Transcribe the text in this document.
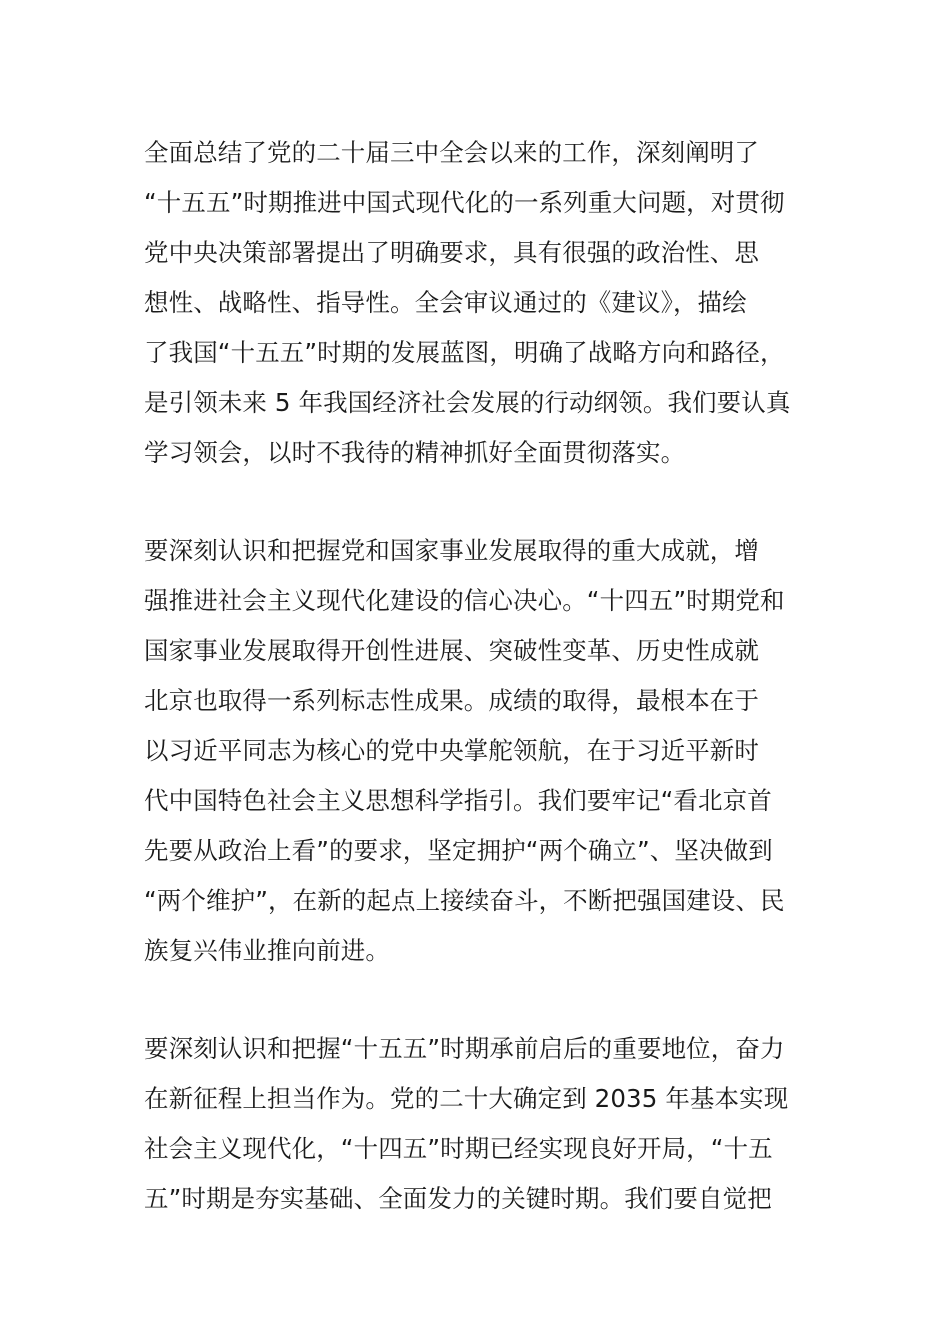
全面总结了党的二十届三中全会以来的工作，深刻阐明了
“十五五”时期推进中国式现代化的一系列重大问题，对贯彻
党中央决策部署提出了明确要求，具有很强的政治性、思
想性、战略性、指导性。全会审议通过的《建议》，描绘
了我国“十五五”时期的发展蓝图，明确了战略方向和路径，
是引领未来 5 年我国经济社会发展的行动纲领。我们要认真
学习领会，以时不我待的精神抓好全面贯彻落实。
要深刻认识和把握党和国家事业发展取得的重大成就，增
强推进社会主义现代化建设的信心决心。“十四五”时期党和
国家事业发展取得开创性进展、突破性变革、历史性成就
北京也取得一系列标志性成果。成绩的取得，最根本在于
以习近平同志为核心的党中央掌舵领航，在于习近平新时
代中国特色社会主义思想科学指引。我们要牢记“看北京首
先要从政治上看”的要求，坚定拥护“两个确立”、坚决做到
“两个维护”，在新的起点上接续奋斗，不断把强国建设、民
族复兴伟业推向前进。
要深刻认识和把握“十五五”时期承前启后的重要地位，奋力
在新征程上担当作为。党的二十大确定到 2035 年基本实现
社会主义现代化，“十四五”时期已经实现良好开局，“十五
五”时期是夯实基础、全面发力的关键时期。我们要自觉把
